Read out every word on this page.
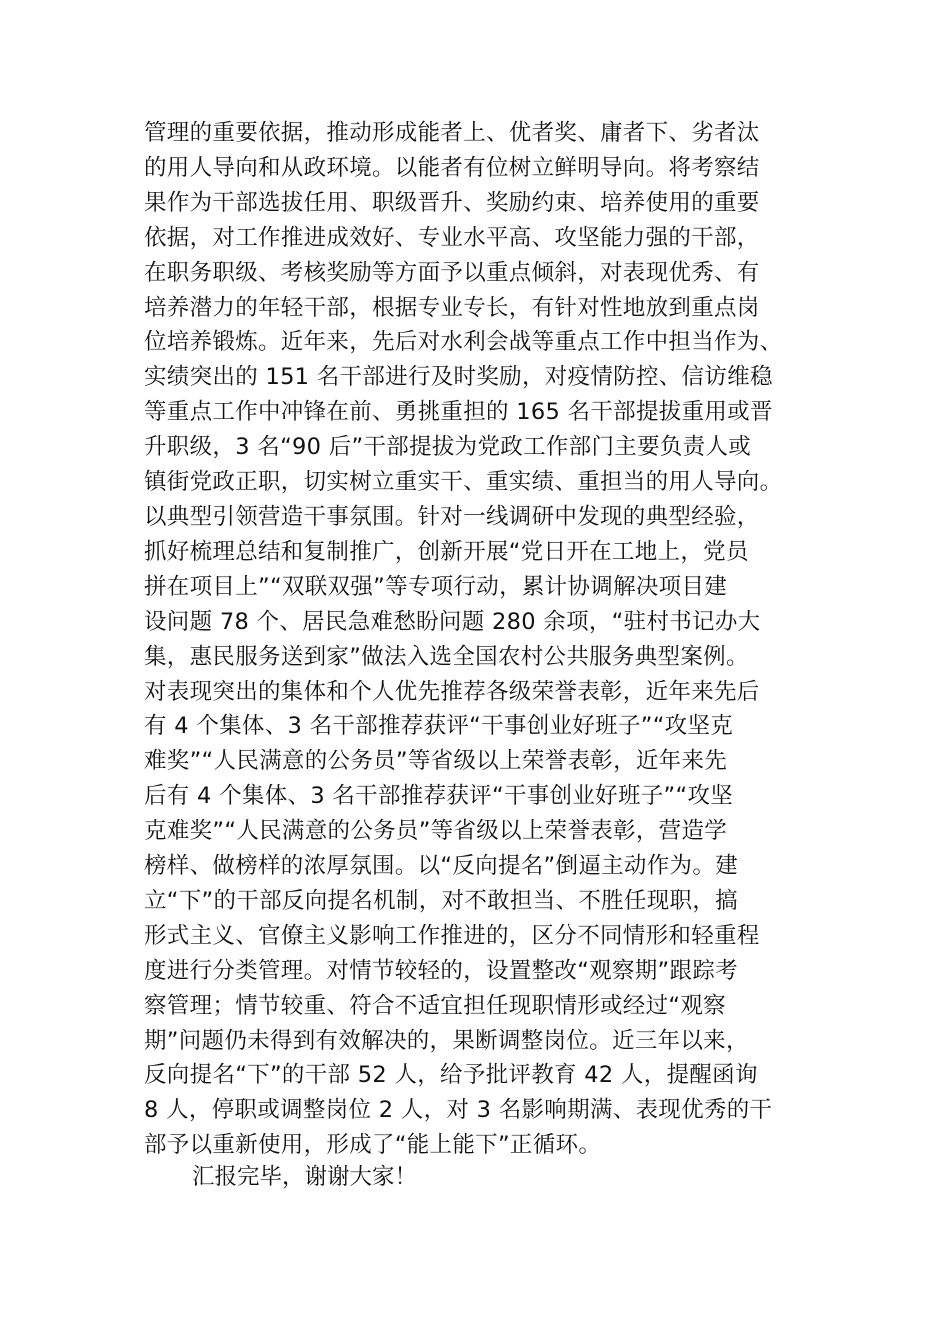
管理的重要依据，推动形成能者上、优者奖、庸者下、劣者汰
的用人导向和从政环境。以能者有位树立鲜明导向。将考察结
果作为干部选拔任用、职级晋升、奖励约束、培养使用的重要
依据，对工作推进成效好、专业水平高、攻坚能力强的干部，
在职务职级、考核奖励等方面予以重点倾斜，对表现优秀、有
培养潜力的年轻干部，根据专业专长，有针对性地放到重点岗
位培养锻炼。近年来，先后对水利会战等重点工作中担当作为、
实绩突出的 151 名干部进行及时奖励，对疫情防控、信访维稳
等重点工作中冲锋在前、勇挑重担的 165 名干部提拔重用或晋
升职级，3 名“90 后”干部提拔为党政工作部门主要负责人或
镇街党政正职，切实树立重实干、重实绩、重担当的用人导向。
以典型引领营造干事氛围。针对一线调研中发现的典型经验，
抓好梳理总结和复制推广，创新开展“党日开在工地上，党员
拼在项目上”“双联双强”等专项行动，累计协调解决项目建
设问题 78 个、居民急难愁盼问题 280 余项，“驻村书记办大
集，惠民服务送到家”做法入选全国农村公共服务典型案例。
对表现突出的集体和个人优先推荐各级荣誉表彰，近年来先后
有 4 个集体、3 名干部推荐获评“干事创业好班子”“攻坚克
难奖”“人民满意的公务员”等省级以上荣誉表彰，近年来先
后有 4 个集体、3 名干部推荐获评“干事创业好班子”“攻坚
克难奖”“人民满意的公务员”等省级以上荣誉表彰，营造学
榜样、做榜样的浓厚氛围。以“反向提名”倒逼主动作为。建
立“下”的干部反向提名机制，对不敢担当、不胜任现职，搞
形式主义、官僚主义影响工作推进的，区分不同情形和轻重程
度进行分类管理。对情节较轻的，设置整改“观察期”跟踪考
察管理；情节较重、符合不适宜担任现职情形或经过“观察
期”问题仍未得到有效解决的，果断调整岗位。近三年以来，
反向提名“下”的干部 52 人，给予批评教育 42 人，提醒函询
8 人，停职或调整岗位 2 人，对 3 名影响期满、表现优秀的干
部予以重新使用，形成了“能上能下”正循环。

汇报完毕，谢谢大家！
